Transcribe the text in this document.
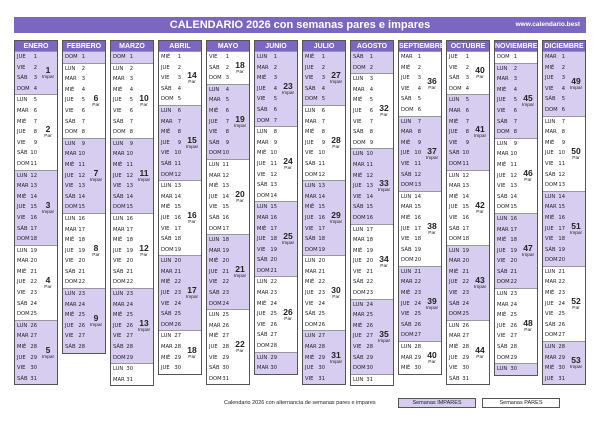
CALENDARIO 2026 con semanas pares e impares	www.calendario.best
ENERO
JUE	1
VIE	2
SÁB	3
DOM 4
1
Impar
LUN	5
MAR 6
MIÉ	7
JUE	8
VIE	9
SÁB 10
DOM 11
2
Par
LUN 12
MAR 13
MIÉ 14
JUE 15
VIE 16
SÁB 17
DOM 18
3
Impar
LUN 19
MAR 20
MIÉ 21
JUE 22
VIE 23
SÁB 24
DOM 25
4
Par
LUN 26
MAR 27
MIÉ 28
JUE 29
VIE 30
SÁB 31
5
Impar
FEBRERO
DOM 1
LUN	2
MAR 3
MIÉ	4
JUE	5
VIE	6
SÁB	7
DOM 8
6
Par
LUN	9
MAR 10
MIÉ 11
JUE 12
VIE 13
SÁB 14
DOM 15
7
Impar
LUN 16
MAR 17
MIÉ 18
JUE 19
VIE 20
SÁB 21
DOM 22
8
Par
LUN 23
MAR 24
MIÉ 25
JUE 26
VIE 27
SÁB 28
9
Impar
MARZO
DOM 1
LUN	2
MAR 3
MIÉ	4
JUE	5
VIE	6
SÁB	7
DOM 8
10
Par
LUN	9
MAR 10
MIÉ 11
JUE 12
VIE 13
SÁB 14
DOM 15
11
Impar
LUN 16
MAR 17
MIÉ 18
JUE 19
VIE 20
SÁB 21
DOM 22
12
Par
LUN 23
MAR 24
MIÉ 25
JUE 26
VIE 27
SÁB 28
DOM 29
13
Impar
LUN 30
MAR 31
ABRIL
MIÉ	1
JUE	2
VIE	3
SÁB	4
DOM 5
14
Par
LUN	6
MAR 7
MIÉ	8
JUE	9
VIE 10
SÁB 11
DOM 12
15
Impar
LUN 13
MAR 14
MIÉ 15
JUE 16
VIE 17
SÁB 18
DOM 19
16
Par
LUN 20
MAR 21
MIÉ 22
JUE 23
VIE 24
SÁB 25
DOM 26
17
Impar
LUN 27
MAR 28
MIÉ 29
JUE 30
18
Par
MAYO
VIE	1
SÁB	2
DOM 3
18
Par
LUN	4
MAR 5
MIÉ	6
JUE	7
VIE	8
SÁB	9
DOM 10
19
Impar
LUN 11
MAR 12
MIÉ 13
JUE 14
VIE 15
SÁB 16
DOM 17
20
Par
LUN 18
MAR 19
MIÉ 20
JUE 21
VIE 22
SÁB 23
DOM 24
21
Impar
LUN 25
MAR 26
MIÉ 27
JUE 28
VIE 29
SÁB 30
DOM 31
22
Par
JUNIO
LUN	1
MAR 2
MIÉ	3
JUE	4
VIE	5
SÁB	6
DOM 7
23
Impar
LUN	8
MAR 9
MIÉ 10
JUE 11
VIE 12
SÁB 13
DOM 14
24
Par
LUN 15
MAR 16
MIÉ 17
JUE 18
VIE 19
SÁB 20
DOM 21
25
Impar
LUN 22
MAR 23
MIÉ 24
JUE 25
VIE 26
SÁB 27
DOM 28
26
Par
LUN 29
MAR 30
JULIO
MIÉ	1
JUE	2
VIE	3
SÁB	4
DOM 5
27
Impar
LUN	6
MAR 7
MIÉ	8
JUE	9
VIE 10
SÁB 11
DOM 12
28
Par
LUN 13
MAR 14
MIÉ 15
JUE 16
VIE 17
SÁB 18
DOM 19
29
Impar
LUN 20
MAR 21
MIÉ 22
JUE 23
VIE 24
SÁB 25
DOM 26
30
Par
LUN 27
MAR 28
MIÉ 29
JUE 30
VIE 31
31
Impar
AGOSTO
SÁB	1
DOM 2
LUN	3
MAR 4
MIÉ	5
JUE	6
VIE	7
SÁB	8
DOM 9
32
Par
LUN 10
MAR 11
MIÉ 12
JUE 13
VIE 14
SÁB 15
DOM 16
33
Impar
LUN 17
MAR 18
MIÉ 19
JUE 20
VIE 21
SÁB 22
DOM 23
34
Par
LUN 24
MAR 25
MIÉ 26
JUE 27
VIE 28
SÁB 29
DOM 30
35
Impar
LUN 31
SEPTIEMBRE
MAR 1
MIÉ	2
JUE	3
VIE	4
SÁB	5
DOM 6
36
Par
LUN	7
MAR 8
MIÉ	9
JUE 10
VIE 11
SÁB 12
DOM 13
37
Impar
LUN 14
MAR 15
MIÉ 16
JUE 17
VIE 18
SÁB 19
DOM 20
38
Par
LUN 21
MAR 22
MIÉ 23
JUE 24
VIE 25
SÁB 26
DOM 27
39
Impar
LUN 28
MAR 29
MIÉ 30
40
Par
OCTUBRE
JUE	1
VIE	2
SÁB	3
DOM 4
40
Par
LUN	5
MAR 6
MIÉ	7
JUE	8
VIE	9
SÁB 10
DOM 11
41
Impar
LUN 12
MAR 13
MIÉ 14
JUE 15
VIE 16
SÁB 17
DOM 18
42
Par
LUN 19
MAR 20
MIÉ 21
JUE 22
VIE 23
SÁB 24
DOM 25
43
Impar
LUN 26
MAR 27
MIÉ 28
JUE 29
VIE 30
SÁB 31
44
Par
NOVIEMBRE
DOM 1
LUN	2
MAR 3
MIÉ	4
JUE	5
VIE	6
SÁB	7
DOM 8
45
Impar
LUN	9
MAR 10
MIÉ 11
JUE 12
VIE 13
SÁB 14
DOM 15
46
Par
LUN 16
MAR 17
MIÉ 18
JUE 19
VIE 20
SÁB 21
DOM 22
47
Impar
LUN 23
MAR 24
MIÉ 25
JUE 26
VIE 27
SÁB 28
DOM 29
48
Par
LUN 30
DICIEMBRE
MAR 1
MIÉ	2
JUE	3
VIE	4
SÁB	5
DOM 6
49
Impar
LUN	7
MAR 8
MIÉ	9
JUE 10
VIE 11
SÁB 12
DOM 13
50
Par
LUN 14
MAR 15
MIÉ 16
JUE 17
VIE 18
SÁB 19
DOM 20
51
Impar
LUN 21
MAR 22
MIÉ 23
JUE 24
VIE 25
SÁB 26
DOM 27
52
Par
LUN 28
MAR 29
MIÉ 30
JUE 31
53
Impar
Calendario 2026 con alternancia de semanas pares e impares	Semanas IMPARES	Semanas PARES
